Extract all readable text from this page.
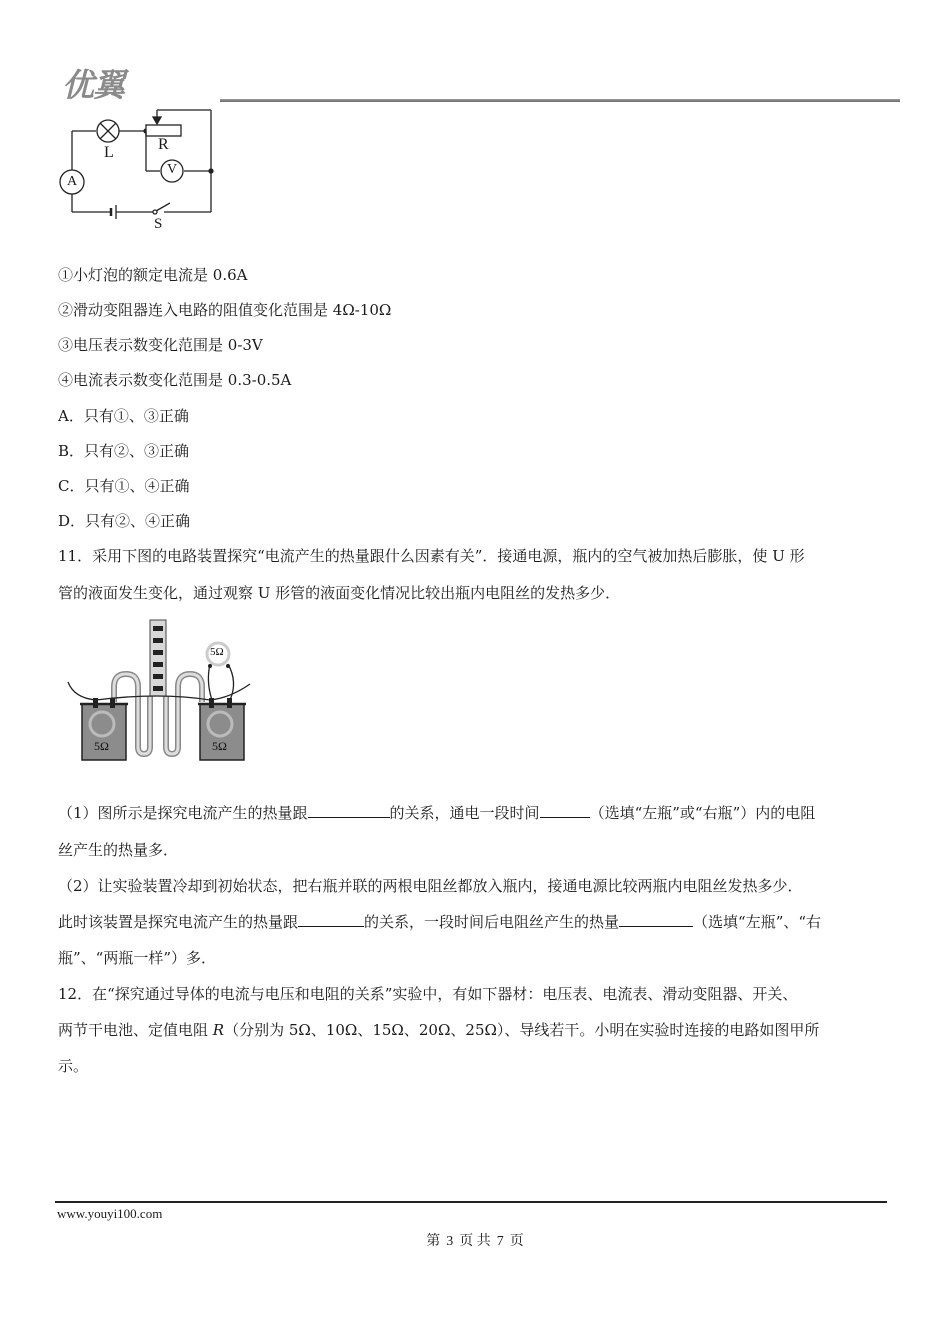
优翼
L	R
V
A
S
①小灯泡的额定电流是 0.6A
②滑动变阻器连入电路的阻值变化范围是 4Ω-10Ω
③电压表示数变化范围是 0-3V
④电流表示数变化范围是 0.3-0.5A
A．只有①、③正确
B．只有②、③正确
C．只有①、④正确
D．只有②、④正确
11．采用下图的电路装置探究“电流产生的热量跟什么因素有关”．接通电源，瓶内的空气被加热后膨胀，使 U 形
管的液面发生变化，通过观察 U 形管的液面变化情况比较出瓶内电阻丝的发热多少．
5Ω	5Ω
5Ω
（1）图所示是探究电流产生的热量跟	的关系，通电一段时间	（选填“左瓶”或“右瓶”）内的电阻
丝产生的热量多．
（2）让实验装置冷却到初始状态，把右瓶并联的两根电阻丝都放入瓶内，接通电源比较两瓶内电阻丝发热多少．
此时该装置是探究电流产生的热量跟	的关系，一段时间后电阻丝产生的热量	（选填“左瓶”、“右
瓶”、“两瓶一样”）多．
12．在“探究通过导体的电流与电压和电阻的关系”实验中，有如下器材：电压表、电流表、滑动变阻器、开关、
两节干电池、定值电阻 R（分别为 5Ω、10Ω、15Ω、20Ω、25Ω）、导线若干。小明在实验时连接的电路如图甲所
示。
www.youyi100.com
第 3 页 共 7 页
